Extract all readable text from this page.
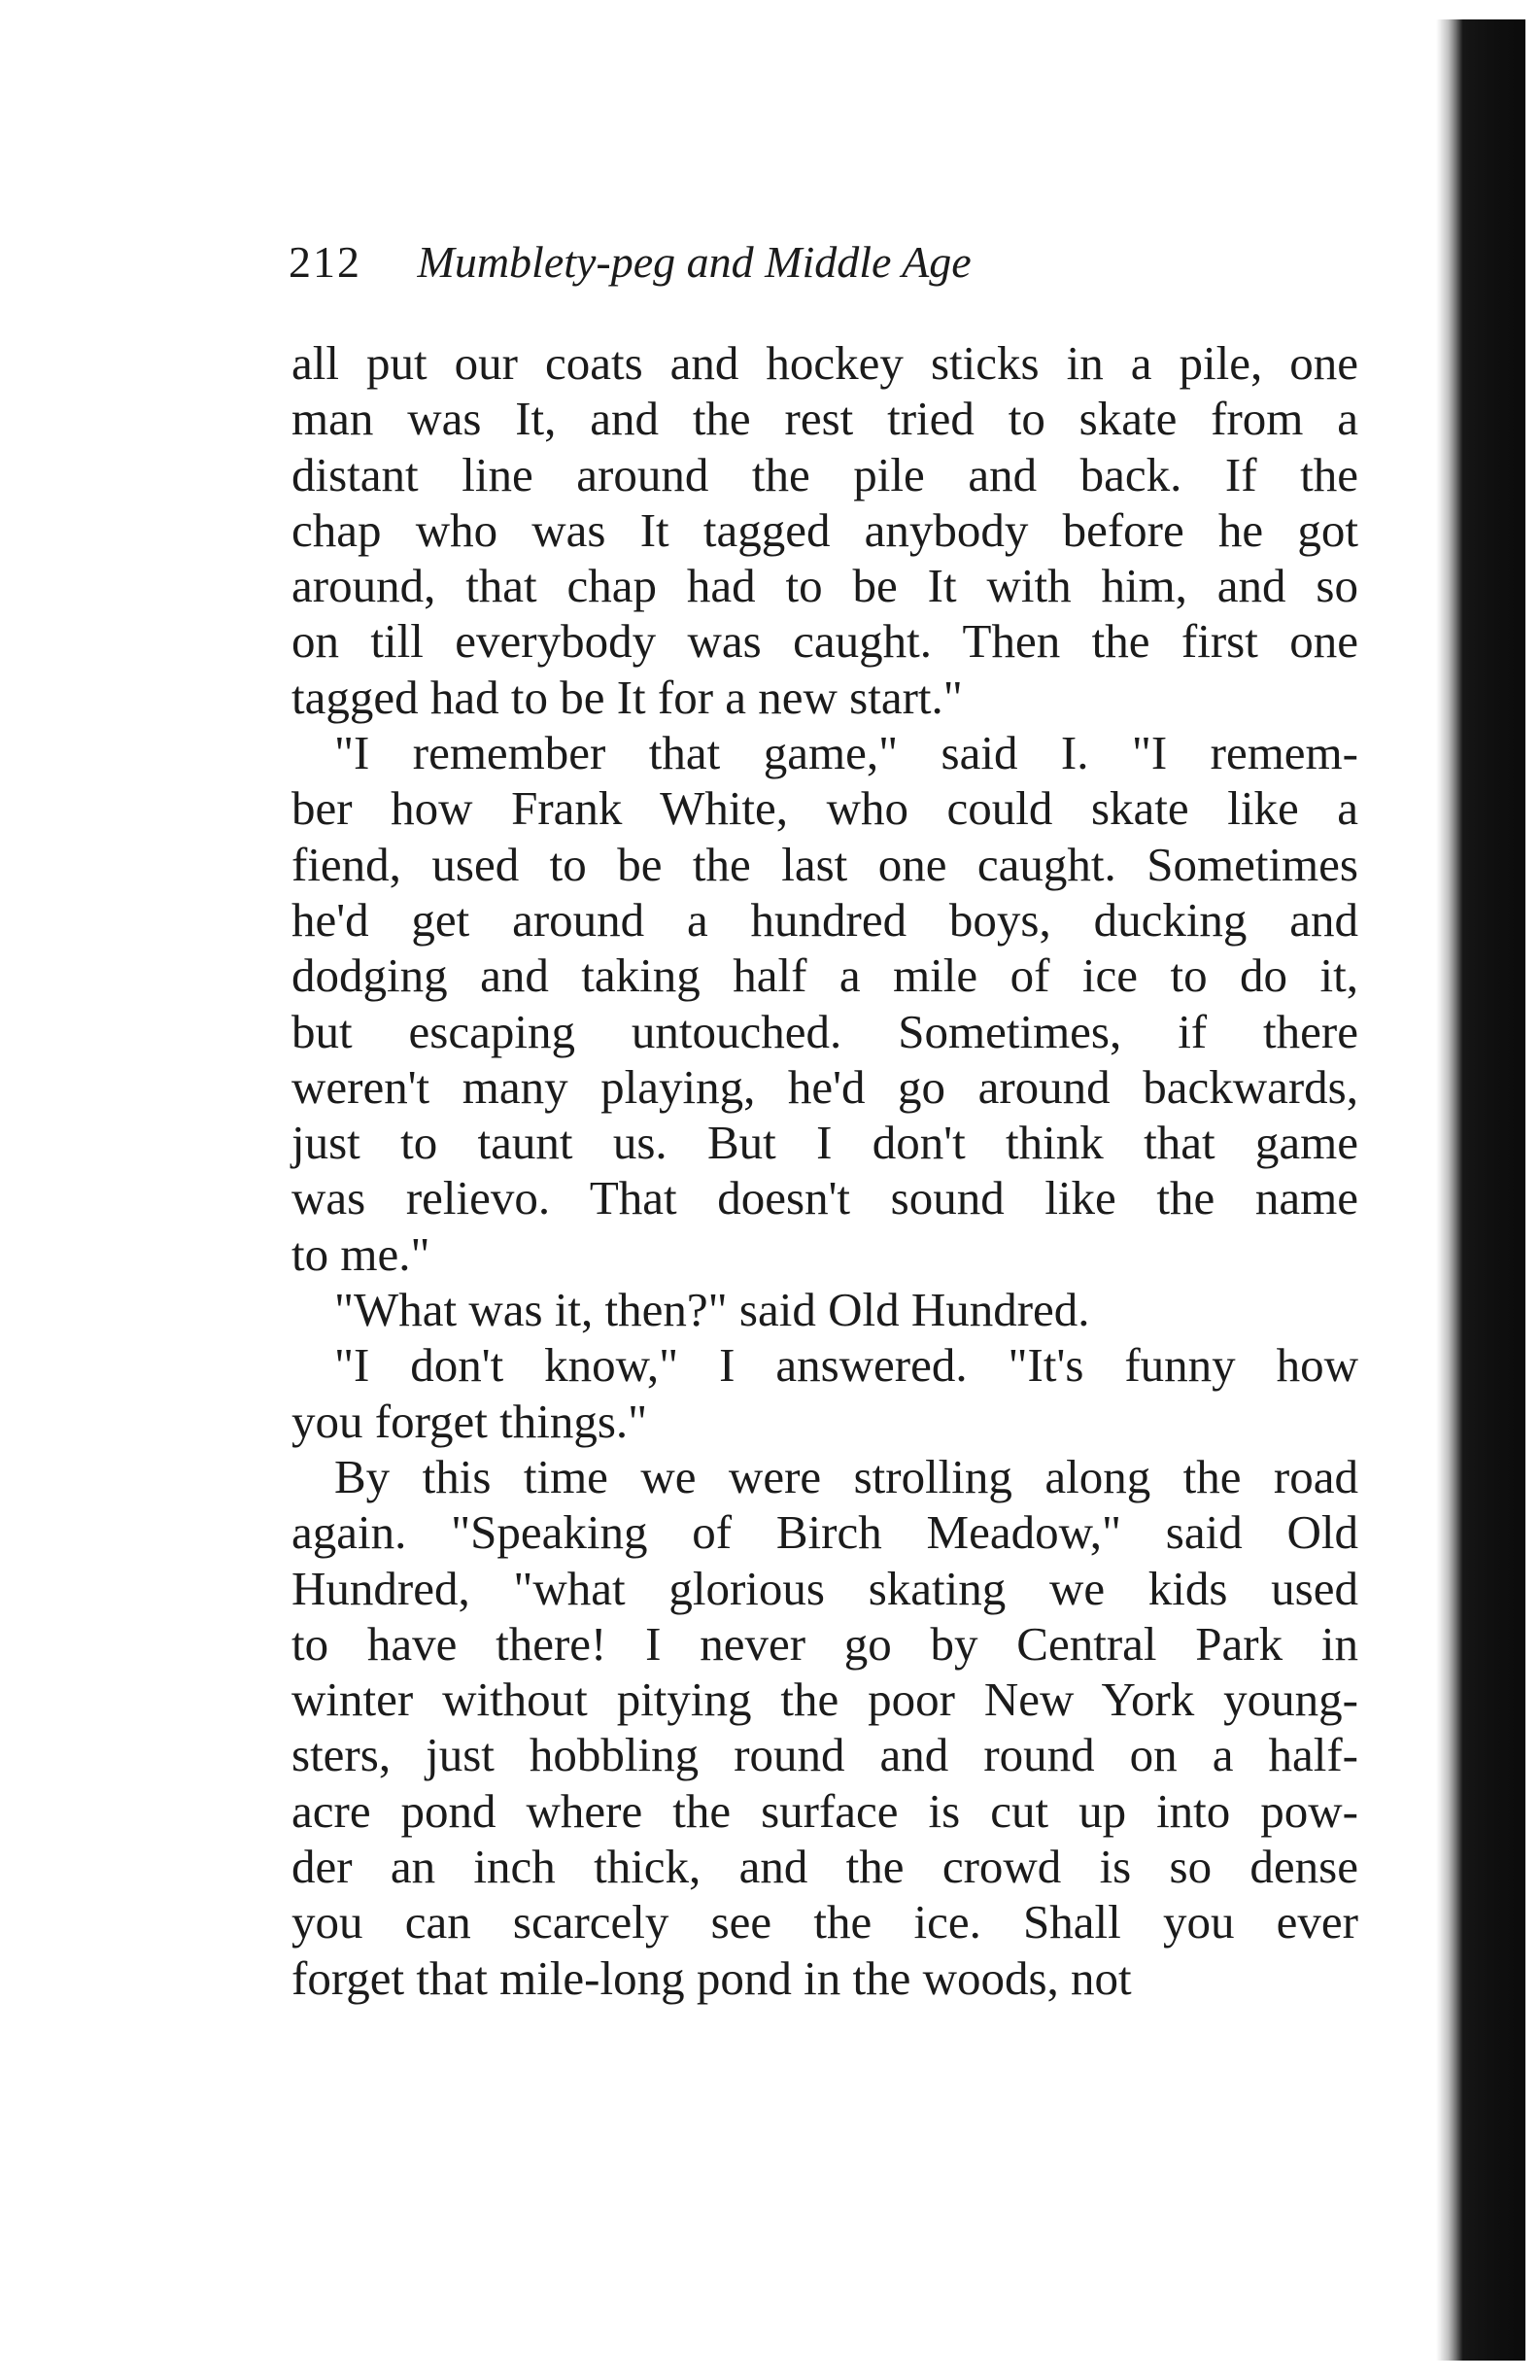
212 Mumblety-peg and Middle Age
all put our coats and hockey sticks in a pile, one
man was It, and the rest tried to skate from a
distant line around the pile and back. If the
chap who was It tagged anybody before he got
around, that chap had to be It with him, and so
on till everybody was caught. Then the first one
tagged had to be It for a new start."
"I remember that game," said I. "I remem-
ber how Frank White, who could skate like a
fiend, used to be the last one caught. Sometimes
he'd get around a hundred boys, ducking and
dodging and taking half a mile of ice to do it,
but escaping untouched. Sometimes, if there
weren't many playing, he'd go around backwards,
just to taunt us. But I don't think that game
was relievo. That doesn't sound like the name
to me."
"What was it, then?" said Old Hundred.
"I don't know," I answered. "It's funny how
you forget things."
By this time we were strolling along the road
again. "Speaking of Birch Meadow," said Old
Hundred, "what glorious skating we kids used
to have there! I never go by Central Park in
winter without pitying the poor New York young-
sters, just hobbling round and round on a half-
acre pond where the surface is cut up into pow-
der an inch thick, and the crowd is so dense
you can scarcely see the ice. Shall you ever
forget that mile-long pond in the woods, not
